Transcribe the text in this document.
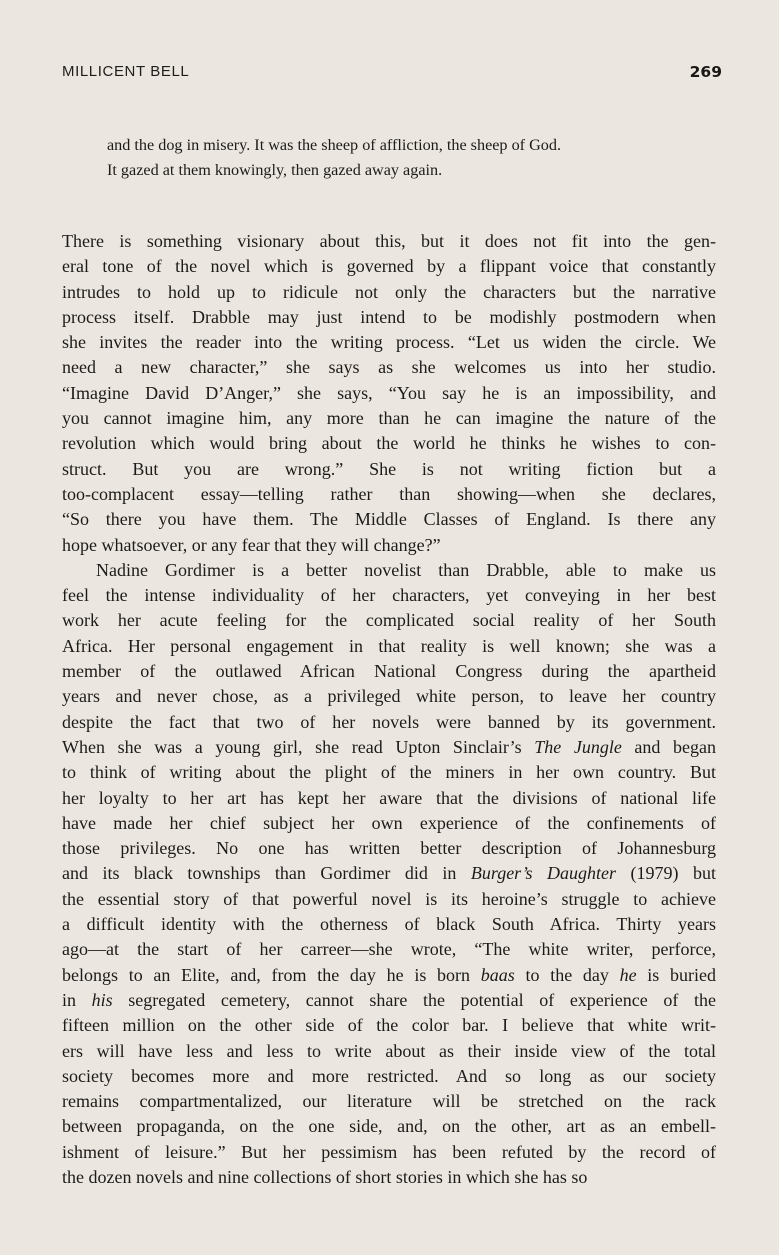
MILLICENT BELL	269

and the dog in misery. It was the sheep of affliction, the sheep of God.

It gazed at them knowingly, then gazed away again.

There is something visionary about this, but it does not fit into the gen-
eral tone of the novel which is governed by a flippant voice that constantly
intrudes to hold up to ridicule not only the characters but the narrative
process itself. Drabble may just intend to be modishly postmodern when
she invites the reader into the writing process. “Let us widen the circle. We
need a new character,” she says as she welcomes us into her studio.
“Imagine David D’Anger,” she says, “You say he is an impossibility, and
you cannot imagine him, any more than he can imagine the nature of the
revolution which would bring about the world he thinks he wishes to con-
struct. But you are wrong.” She is not writing fiction but a
too-complacent essay—telling rather than showing—when she declares,
“So there you have them. The Middle Classes of England. Is there any
hope whatsoever, or any fear that they will change?”

Nadine Gordimer is a better novelist than Drabble, able to make us
feel the intense individuality of her characters, yet conveying in her best
work her acute feeling for the complicated social reality of her South
Africa. Her personal engagement in that reality is well known; she was a
member of the outlawed African National Congress during the apartheid
years and never chose, as a privileged white person, to leave her country
despite the fact that two of her novels were banned by its government.
When she was a young girl, she read Upton Sinclair’s The Jungle and began
to think of writing about the plight of the miners in her own country. But
her loyalty to her art has kept her aware that the divisions of national life
have made her chief subject her own experience of the confinements of
those privileges. No one has written better description of Johannesburg
and its black townships than Gordimer did in Burger’s Daughter (1979) but
the essential story of that powerful novel is its heroine’s struggle to achieve
a difficult identity with the otherness of black South Africa. Thirty years
ago—at the start of her carreer—she wrote, “The white writer, perforce,
belongs to an Elite, and, from the day he is born baas to the day he is buried
in his segregated cemetery, cannot share the potential of experience of the
fifteen million on the other side of the color bar. I believe that white writ-
ers will have less and less to write about as their inside view of the total
society becomes more and more restricted. And so long as our society
remains compartmentalized, our literature will be stretched on the rack
between propaganda, on the one side, and, on the other, art as an embell-
ishment of leisure.” But her pessimism has been refuted by the record of
the dozen novels and nine collections of short stories in which she has so
